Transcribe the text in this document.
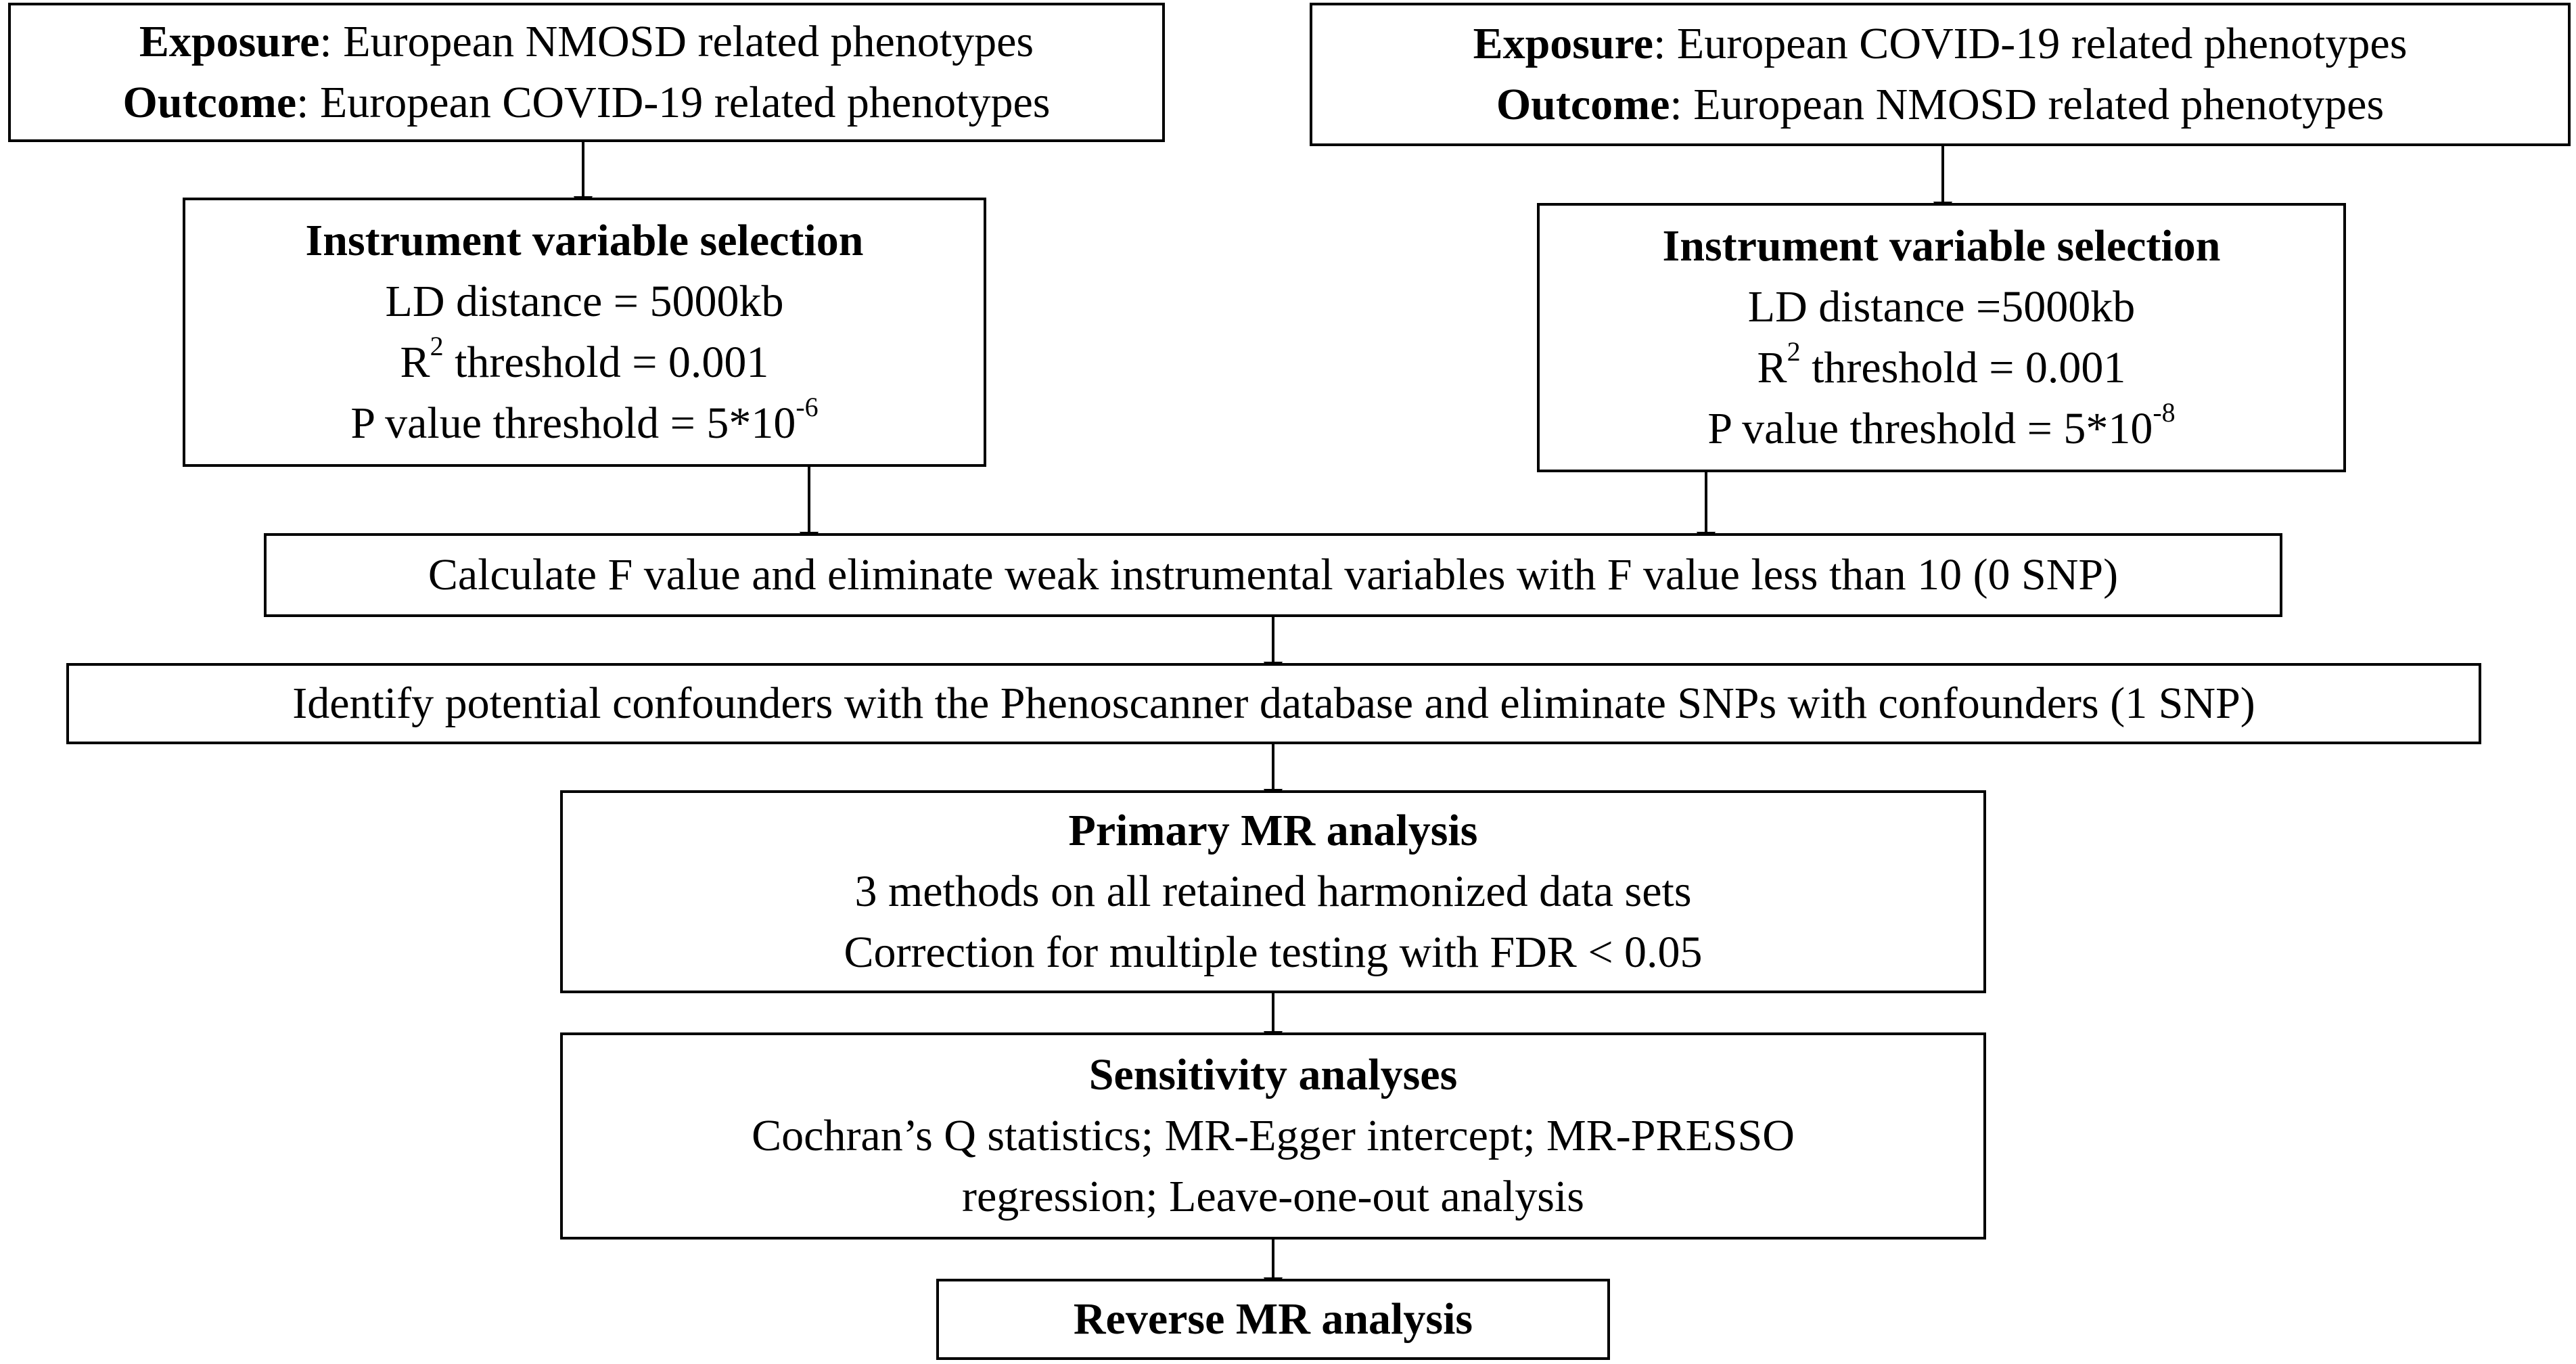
Exposure: European NMOSD related phenotypes
Outcome: European COVID-19 related phenotypes
Exposure: European COVID-19 related phenotypes
Outcome: European NMOSD related phenotypes
Instrument variable selection
LD distance = 5000kb
$R^2$ threshold = 0.001
P value threshold = $5*10^{-6}$
Instrument variable selection
LD distance =5000kb
$R^2$ threshold = 0.001
P value threshold = $5*10^{-8}$
Calculate F value and eliminate weak instrumental variables with F value less than 10 (0 SNP)
Identify potential confounders with the Phenoscanner database and eliminate SNPs with confounders (1 SNP)
Primary MR analysis
3 methods on all retained harmonized data sets
Correction for multiple testing with FDR < 0.05
Sensitivity analyses
Cochran’s Q statistics; MR-Egger intercept; MR-PRESSO
regression; Leave-one-out analysis
Reverse MR analysis
